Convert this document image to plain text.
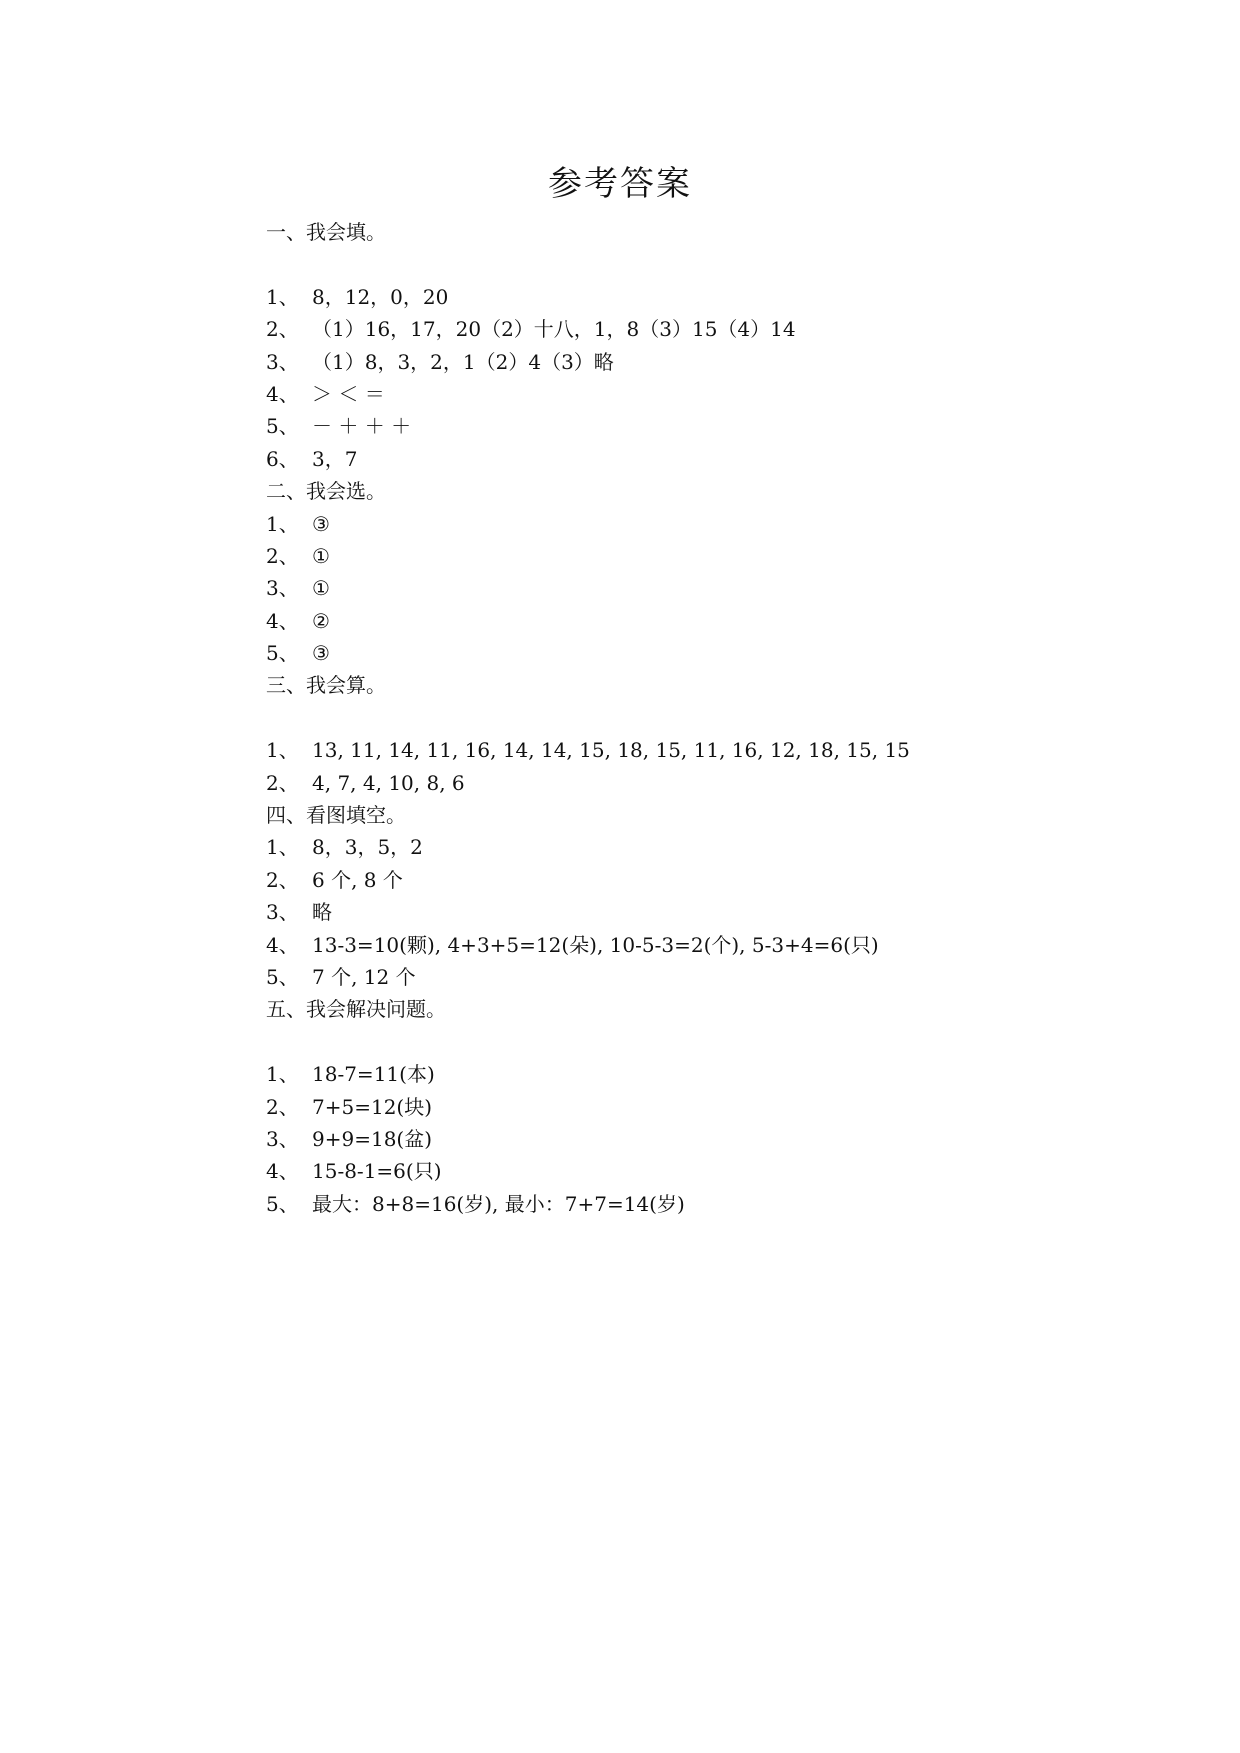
参考答案
一、我会填。
1、 8，12，0，20
2、 （1）16，17，20（2）十八，1，8（3）15（4）14
3、 （1）8，3，2，1（2）4（3）略
4、 ＞ ＜ ＝
5、 － ＋ ＋ ＋
6、 3，7
二、我会选。
1、 ③
2、 ①
3、 ①
4、 ②
5、 ③
三、我会算。
1、 13, 11, 14, 11, 16, 14, 14, 15, 18, 15, 11, 16, 12, 18, 15, 15
2、 4, 7, 4, 10, 8, 6
四、看图填空。
1、 8，3，5，2
2、 6 个, 8 个
3、 略
4、 13-3=10(颗), 4+3+5=12(朵), 10-5-3=2(个), 5-3+4=6(只)
5、 7 个, 12 个
五、我会解决问题。
1、 18-7=11(本)
2、 7+5=12(块)
3、 9+9=18(盆)
4、 15-8-1=6(只)
5、 最大：8+8=16(岁), 最小：7+7=14(岁)
